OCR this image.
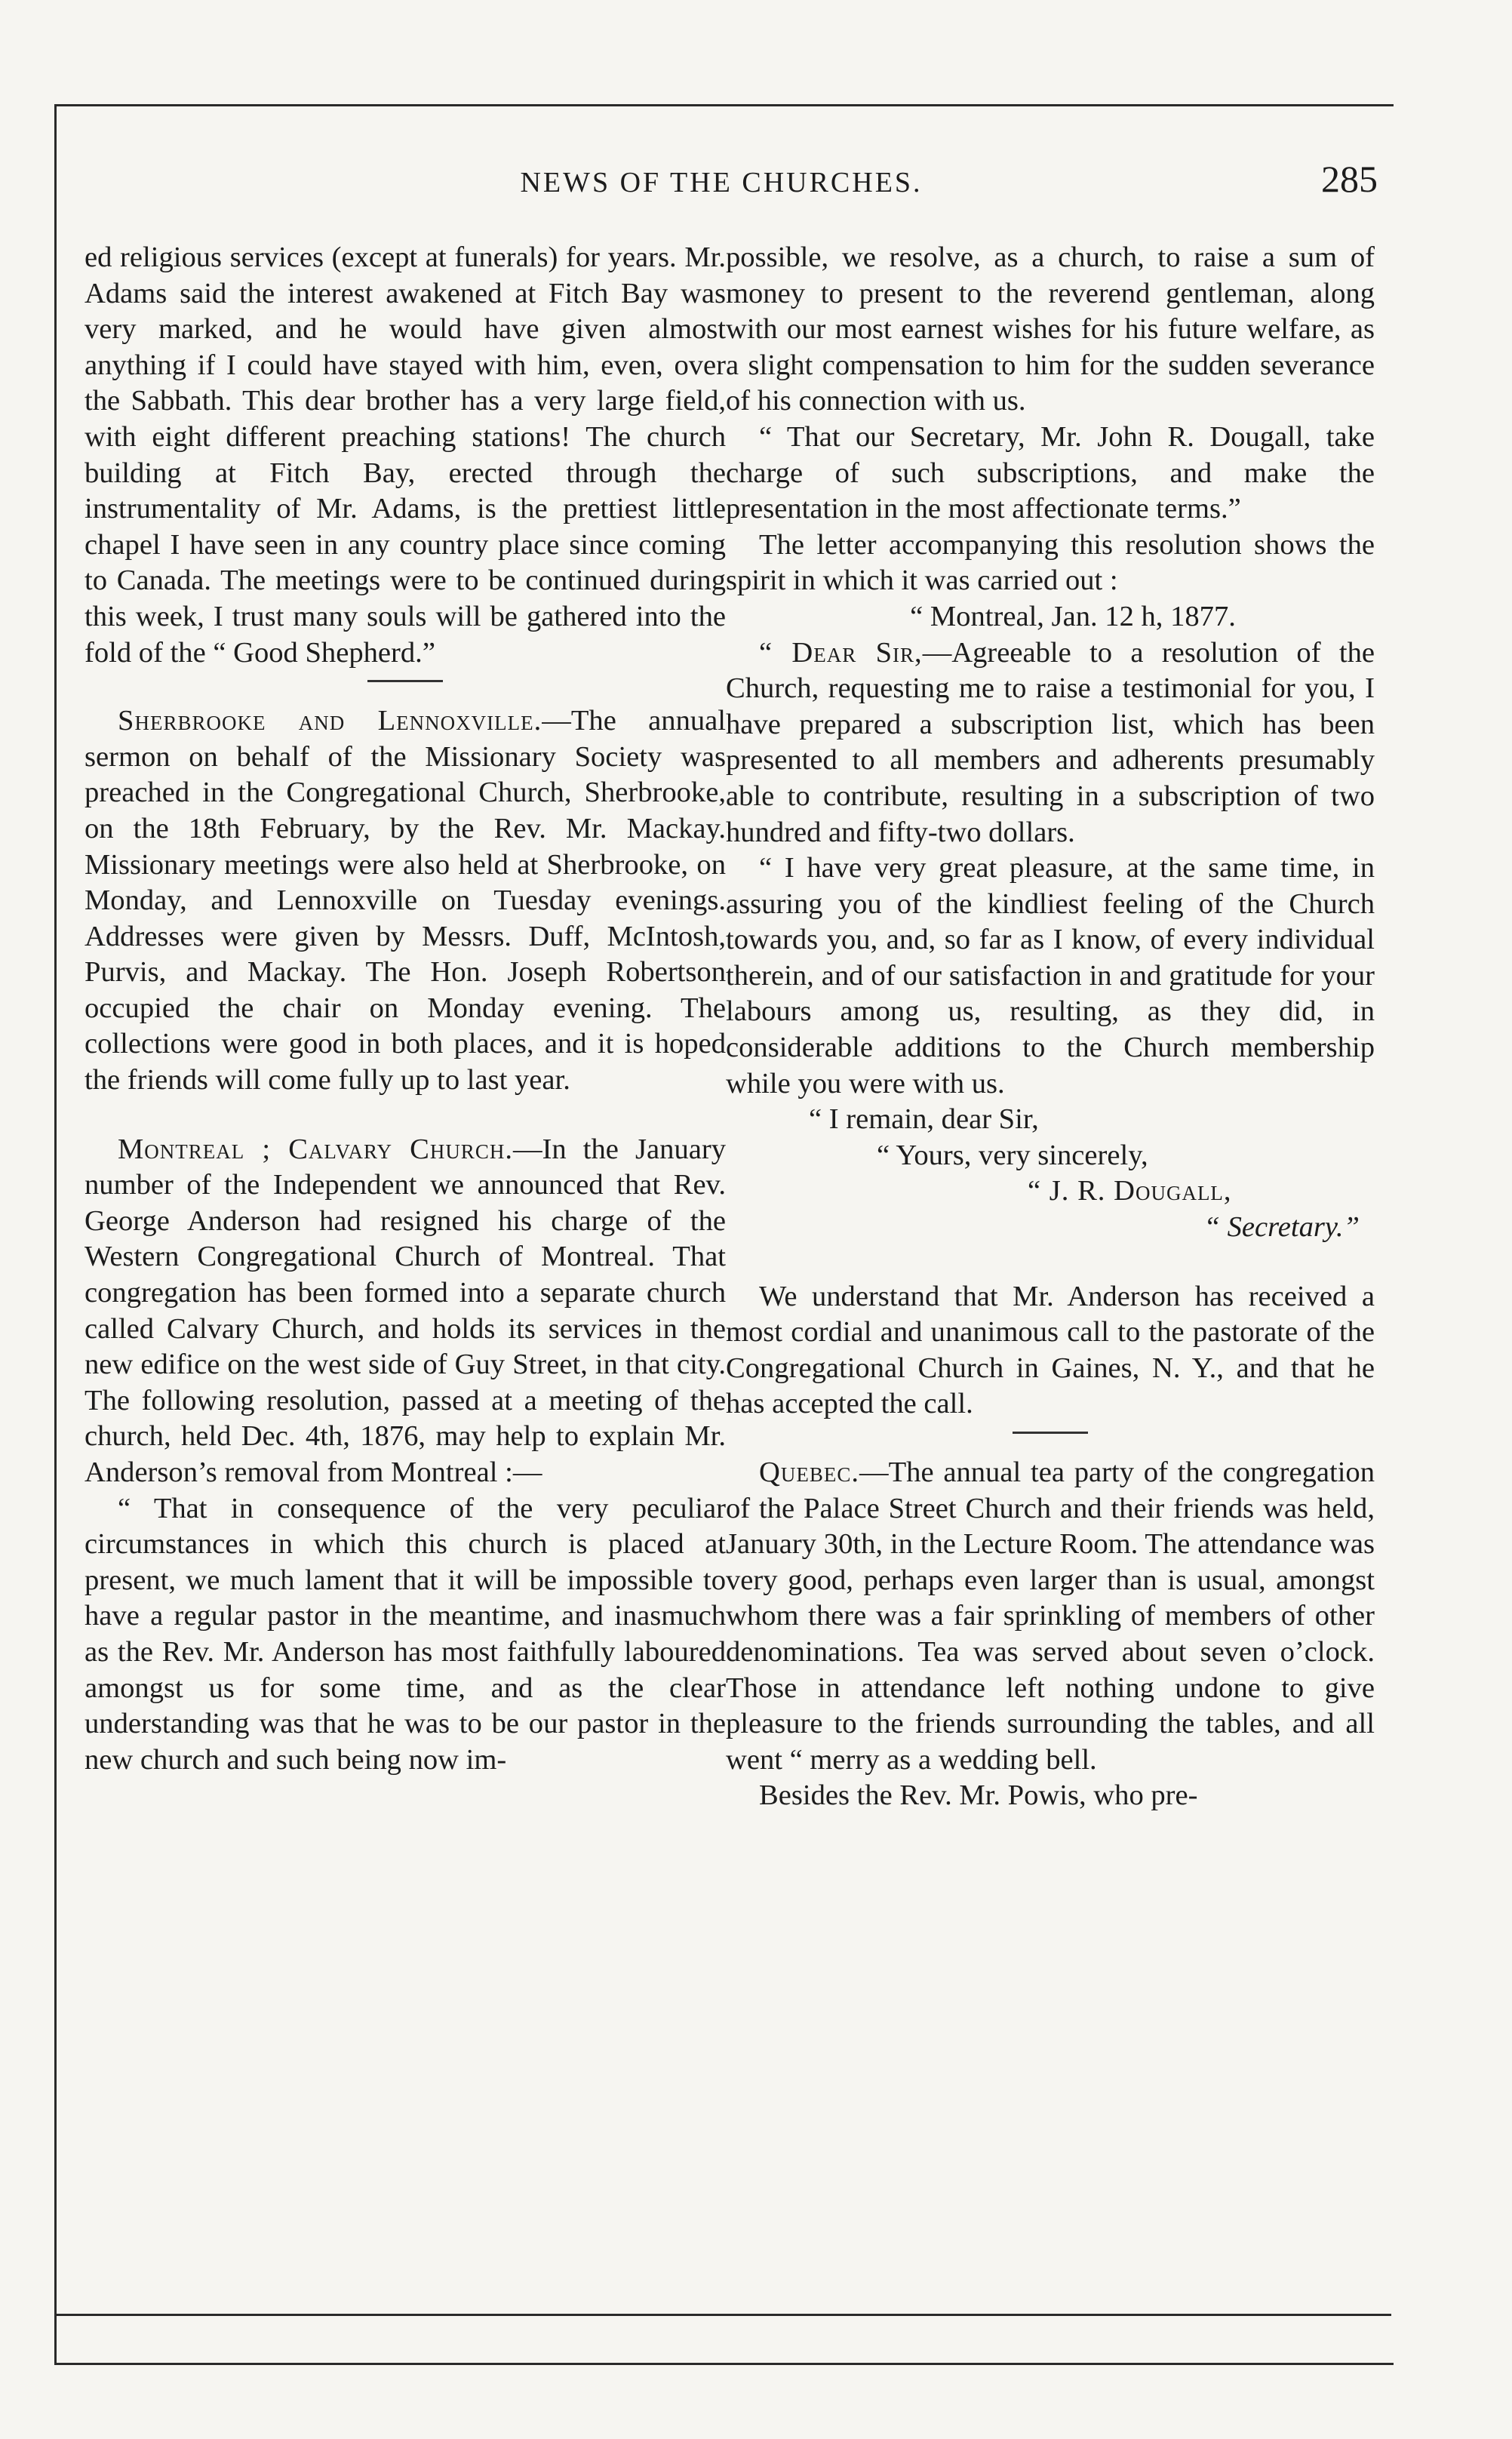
NEWS OF THE CHURCHES.	285

ed religious services (except at funerals) for years. Mr. Adams said the interest awakened at Fitch Bay was very marked, and he would have given almost anything if I could have stayed with him, even, over the Sabbath. This dear brother has a very large field, with eight different preaching stations! The church building at Fitch Bay, erected through the instrumentality of Mr. Adams, is the prettiest little chapel I have seen in any country place since coming to Canada. The meetings were to be continued during this week, I trust many souls will be gathered into the fold of the “ Good Shepherd.”

Sherbrooke and Lennoxville.—The annual sermon on behalf of the Missionary Society was preached in the Congregational Church, Sherbrooke, on the 18th February, by the Rev. Mr. Mackay. Missionary meetings were also held at Sherbrooke, on Monday, and Lennoxville on Tuesday evenings. Addresses were given by Messrs. Duff, McIntosh, Purvis, and Mackay. The Hon. Joseph Robertson occupied the chair on Monday evening. The collections were good in both places, and it is hoped the friends will come fully up to last year.

Montreal ; Calvary Church.—In the January number of the Independent we announced that Rev. George Anderson had resigned his charge of the Western Congregational Church of Montreal. That congregation has been formed into a separate church called Calvary Church, and holds its services in the new edifice on the west side of Guy Street, in that city. The following resolution, passed at a meeting of the church, held Dec. 4th, 1876, may help to explain Mr. Anderson’s removal from Montreal :—

“ That in consequence of the very peculiar circumstances in which this church is placed at present, we much lament that it will be impossible to have a regular pastor in the meantime, and inasmuch as the Rev. Mr. Anderson has most faithfully laboured amongst us for some time, and as the clear understanding was that he was to be our pastor in the new church and such being now im-

possible, we resolve, as a church, to raise a sum of money to present to the reverend gentleman, along with our most earnest wishes for his future welfare, as a slight compensation to him for the sudden severance of his connection with us.

“ That our Secretary, Mr. John R. Dougall, take charge of such subscriptions, and make the presentation in the most affectionate terms.”

The letter accompanying this resolution shows the spirit in which it was carried out :

“ Montreal, Jan. 12 h, 1877.

“ Dear Sir,—Agreeable to a resolution of the Church, requesting me to raise a testimonial for you, I have prepared a subscription list, which has been presented to all members and adherents presumably able to contribute, resulting in a subscription of two hundred and fifty-two dollars.

“ I have very great pleasure, at the same time, in assuring you of the kindliest feeling of the Church towards you, and, so far as I know, of every individual therein, and of our satisfaction in and gratitude for your labours among us, resulting, as they did, in considerable additions to the Church membership while you were with us.

“ I remain, dear Sir,
“ Yours, very sincerely,
“ J. R. Dougall,
“ Secretary.”

We understand that Mr. Anderson has received a most cordial and unanimous call to the pastorate of the Congregational Church in Gaines, N. Y., and that he has accepted the call.

Quebec.—The annual tea party of the congregation of the Palace Street Church and their friends was held, January 30th, in the Lecture Room. The attendance was very good, perhaps even larger than is usual, amongst whom there was a fair sprinkling of members of other denominations. Tea was served about seven o’clock. Those in attendance left nothing undone to give pleasure to the friends surrounding the tables, and all went “ merry as a wedding bell.

Besides the Rev. Mr. Powis, who pre-
